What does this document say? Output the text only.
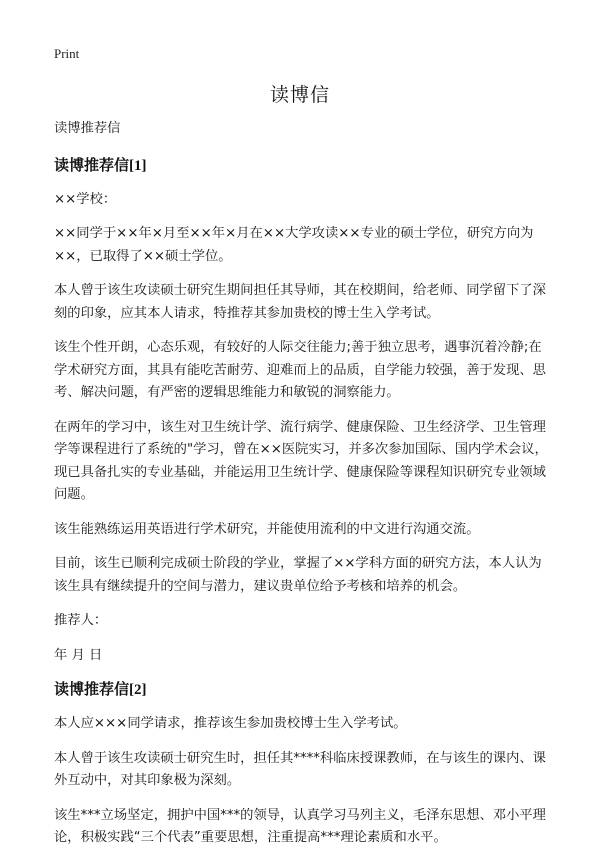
Print
读博信

读博推荐信

读博推荐信[1]

××学校：

××同学于××年×月至××年×月在××大学攻读××专业的硕士学位，研究方向为××，已取得了××硕士学位。

本人曾于该生攻读硕士研究生期间担任其导师，其在校期间，给老师、同学留下了深刻的印象，应其本人请求，特推荐其参加贵校的博士生入学考试。

该生个性开朗，心态乐观，有较好的人际交往能力;善于独立思考，遇事沉着冷静;在学术研究方面，其具有能吃苦耐劳、迎难而上的品质，自学能力较强，善于发现、思考、解决问题，有严密的逻辑思维能力和敏锐的洞察能力。

在两年的学习中，该生对卫生统计学、流行病学、健康保险、卫生经济学、卫生管理学等课程进行了系统的"学习，曾在××医院实习，并多次参加国际、国内学术会议，现已具备扎实的专业基础，并能运用卫生统计学、健康保险等课程知识研究专业领域问题。

该生能熟练运用英语进行学术研究，并能使用流利的中文进行沟通交流。

目前，该生已顺利完成硕士阶段的学业，掌握了××学科方面的研究方法，本人认为该生具有继续提升的空间与潜力，建议贵单位给予考核和培养的机会。

推荐人：

年 月 日

读博推荐信[2]

本人应×××同学请求，推荐该生参加贵校博士生入学考试。

本人曾于该生攻读硕士研究生时，担任其****科临床授课教师，在与该生的课内、课外互动中，对其印象极为深刻。

该生***立场坚定，拥护中国***的领导，认真学习马列主义，毛泽东思想、邓小平理论，积极实践“三个代表”重要思想，注重提高***理论素质和水平。
